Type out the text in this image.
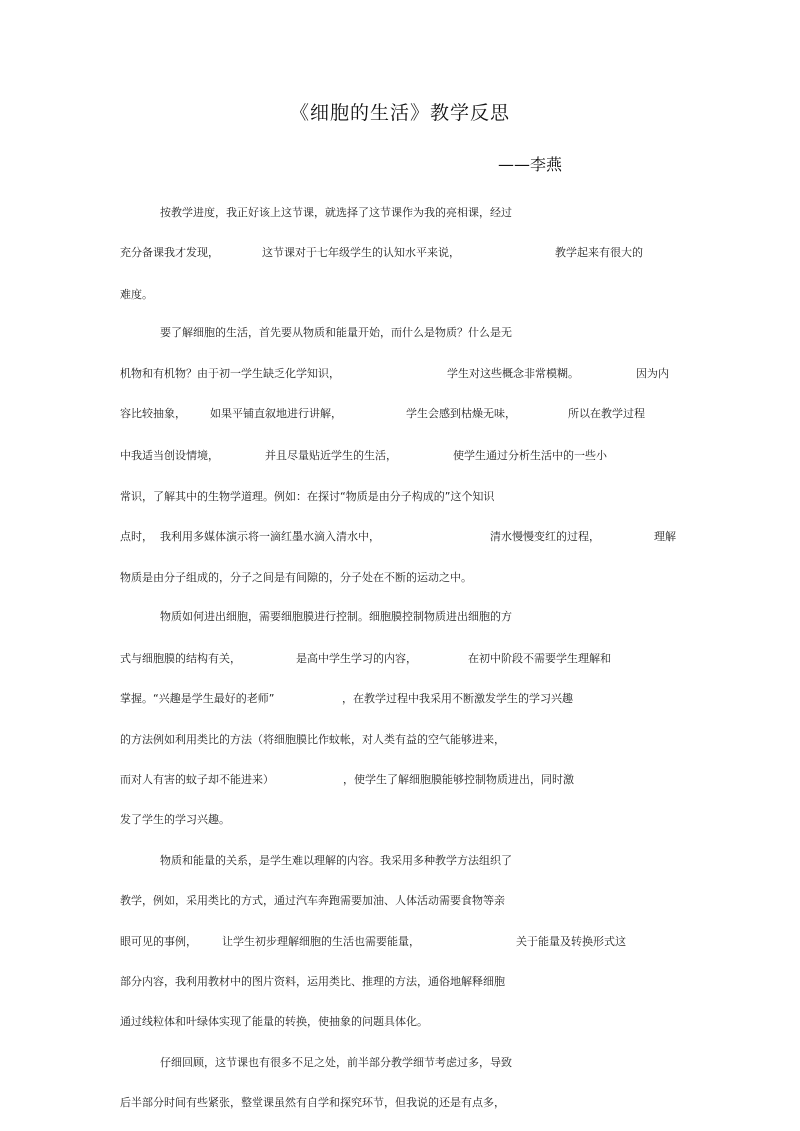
《细胞的生活》教学反思
——李燕
按教学进度，我正好该上这节课，就选择了这节课作为我的亮相课，经过
充分备课我才发现，	这节课对于七年级学生的认知水平来说，	教学起来有很大的
难度。
要了解细胞的生活，首先要从物质和能量开始，而什么是物质？什么是无
机物和有机物？由于初一学生缺乏化学知识，	学生对这些概念非常模糊。	因为内
容比较抽象， 如果平铺直叙地进行讲解，	学生会感到枯燥无味，	所以在教学过程
中我适当创设情境，	并且尽量贴近学生的生活，	使学生通过分析生活中的一些小
常识，了解其中的生物学道理。例如：在探讨“物质是由分子构成的”这个知识
点时， 我利用多媒体演示将一滴红墨水滴入清水中，	清水慢慢变红的过程，	理解
物质是由分子组成的，分子之间是有间隙的，分子处在不断的运动之中。
物质如何进出细胞，需要细胞膜进行控制。细胞膜控制物质进出细胞的方
式与细胞膜的结构有关，	是高中学生学习的内容，	在初中阶段不需要学生理解和
掌握。“兴趣是学生最好的老师”	，在教学过程中我采用不断激发学生的学习兴趣
的方法例如利用类比的方法（将细胞膜比作蚊帐，对人类有益的空气能够进来，
而对人有害的蚊子却不能进来）	，使学生了解细胞膜能够控制物质进出，同时激
发了学生的学习兴趣。
物质和能量的关系，是学生难以理解的内容。我采用多种教学方法组织了
教学，例如，采用类比的方式，通过汽车奔跑需要加油、人体活动需要食物等亲
眼可见的事例， 让学生初步理解细胞的生活也需要能量，	关于能量及转换形式这
部分内容，我利用教材中的图片资料，运用类比、推理的方法，通俗地解释细胞
通过线粒体和叶绿体实现了能量的转换，使抽象的问题具体化。
仔细回顾，这节课也有很多不足之处，前半部分教学细节考虑过多，导致
后半部分时间有些紧张，整堂课虽然有自学和探究环节，但我说的还是有点多，
